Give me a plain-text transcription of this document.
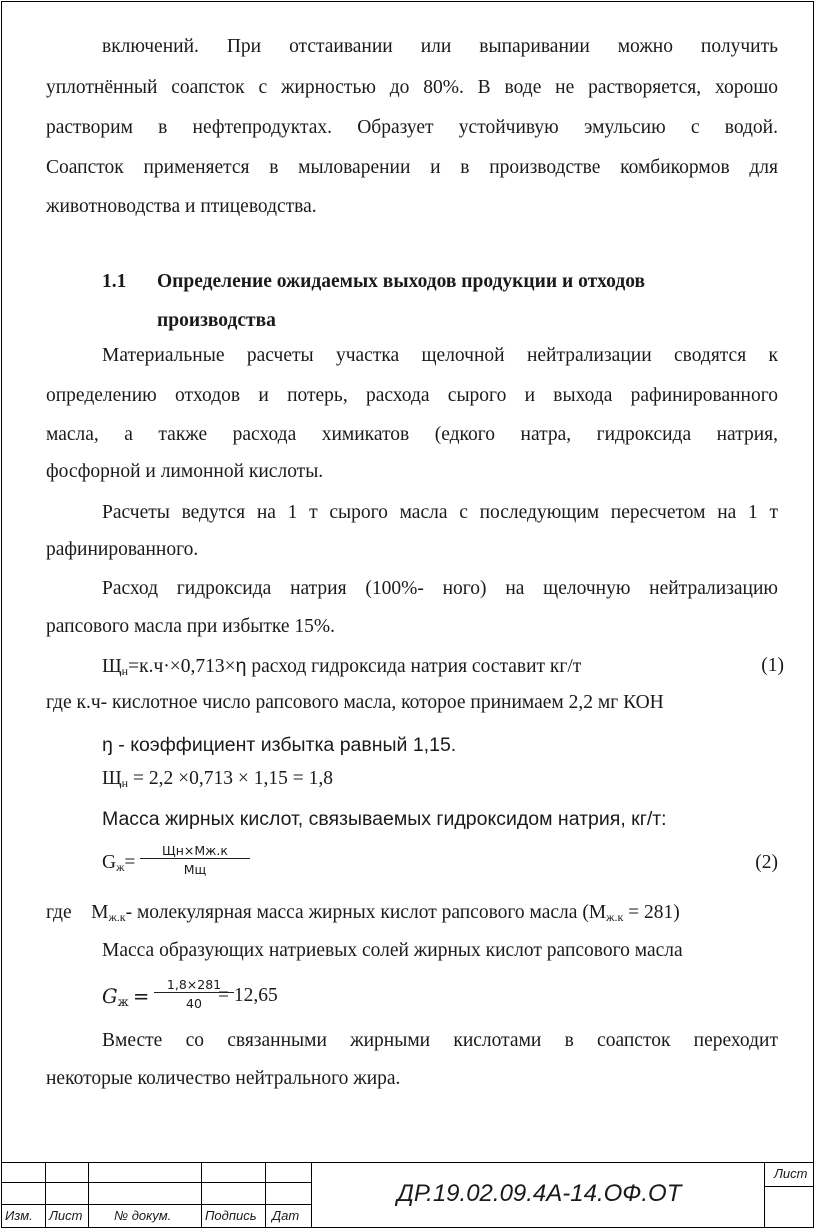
включений. При отстаивании или выпаривании можно получить
уплотнённый соапсток с жирностью до 80%. В воде не растворяется, хорошо
растворим в нефтепродуктах. Образует устойчивую эмульсию с водой.
Соапсток применяется в мыловарении и в производстве комбикормов для
животноводства и птицеводства.
1.1	Определение ожидаемых выходов продукции и отходов
производства
Материальные расчеты участка щелочной нейтрализации сводятся к
определению отходов и потерь, расхода сырого и выхода рафинированного
масла, а также расхода химикатов (едкого натра, гидроксида натрия,
фосфорной и лимонной кислоты.
Расчеты ведутся на 1 т сырого масла с последующим пересчетом на 1 т
рафинированного.
Расход гидроксида натрия (100%- ного) на щелочную нейтрализацию
рапсового масла при избытке 15%.
$Щ_н=к.ч\cdot\times 0,713\times\eta$ расход гидроксида натрия составит кг/т	(1)
где к.ч- кислотное число рапсового масла, которое принимаем 2,2 мг КОН
ŋ - коэффициент избытка равный 1,15.
$Щ_н = 2,2 \times 0,713 \times 1,15 = 1,8$
Масса жирных кислот, связываемых гидроксидом натрия, кг/т:
$G_ж=$
Щн×Мж.к
Мщ	(2)
где    $М_{ж.к}-$ молекулярная масса жирных кислот рапсового масла $(М_{ж.к} = 281)$
Масса образующих натриевых солей жирных кислот рапсового масла
$G_ж = \frac{1,8\times 281}{40}$
= 12,65
Вместе со связанными жирными кислотами в соапсток переходит
некоторые количество нейтрального жира.
Изм. Лист № докум.	Подпись Дат
ДР.19.02.09.4А-14.ОФ.ОТ
Лист
